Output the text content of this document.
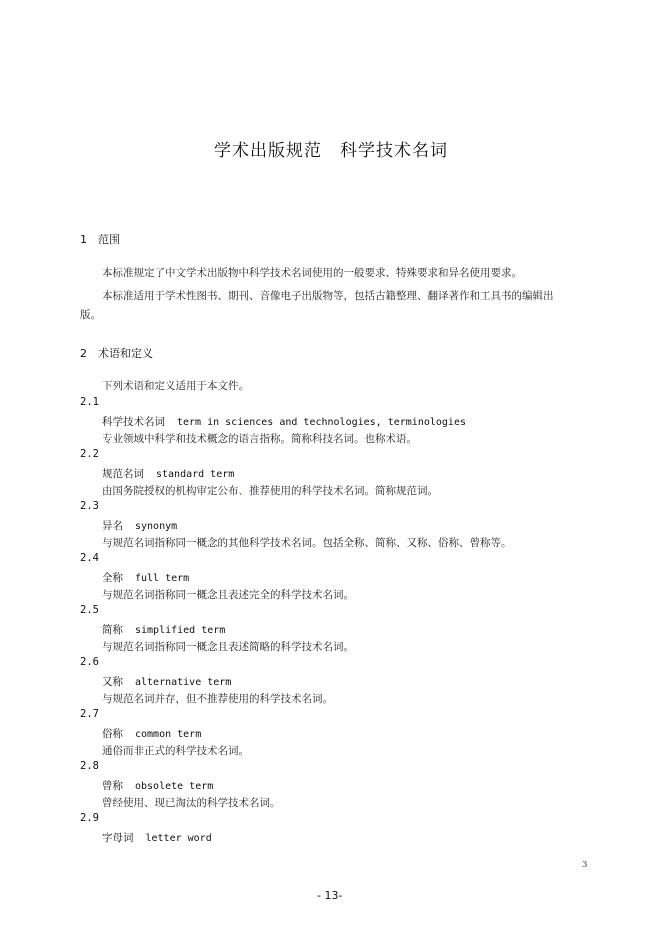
学术出版规范　科学技术名词
1　范围
本标准规定了中文学术出版物中科学技术名词使用的一般要求、特殊要求和异名使用要求。
本标准适用于学术性图书、期刊、音像电子出版物等，包括古籍整理、翻译著作和工具书的编辑出
版。
2　术语和定义
下列术语和定义适用于本文件。
2.1
科学技术名词 term in sciences and technologies, terminologies
专业领域中科学和技术概念的语言指称。简称科技名词。也称术语。
2.2
规范名词 standard term
由国务院授权的机构审定公布、推荐使用的科学技术名词。简称规范词。
2.3
异名 synonym
与规范名词指称同一概念的其他科学技术名词。包括全称、简称、又称、俗称、曾称等。
2.4
全称 full term
与规范名词指称同一概念且表述完全的科学技术名词。
2.5
简称 simplified term
与规范名词指称同一概念且表述简略的科学技术名词。
2.6
又称 alternative term
与规范名词并存，但不推荐使用的科学技术名词。
2.7
俗称 common term
通俗而非正式的科学技术名词。
2.8
曾称 obsolete term
曾经使用、现已淘汰的科学技术名词。
2.9
字母词 letter word
3
- 13-
